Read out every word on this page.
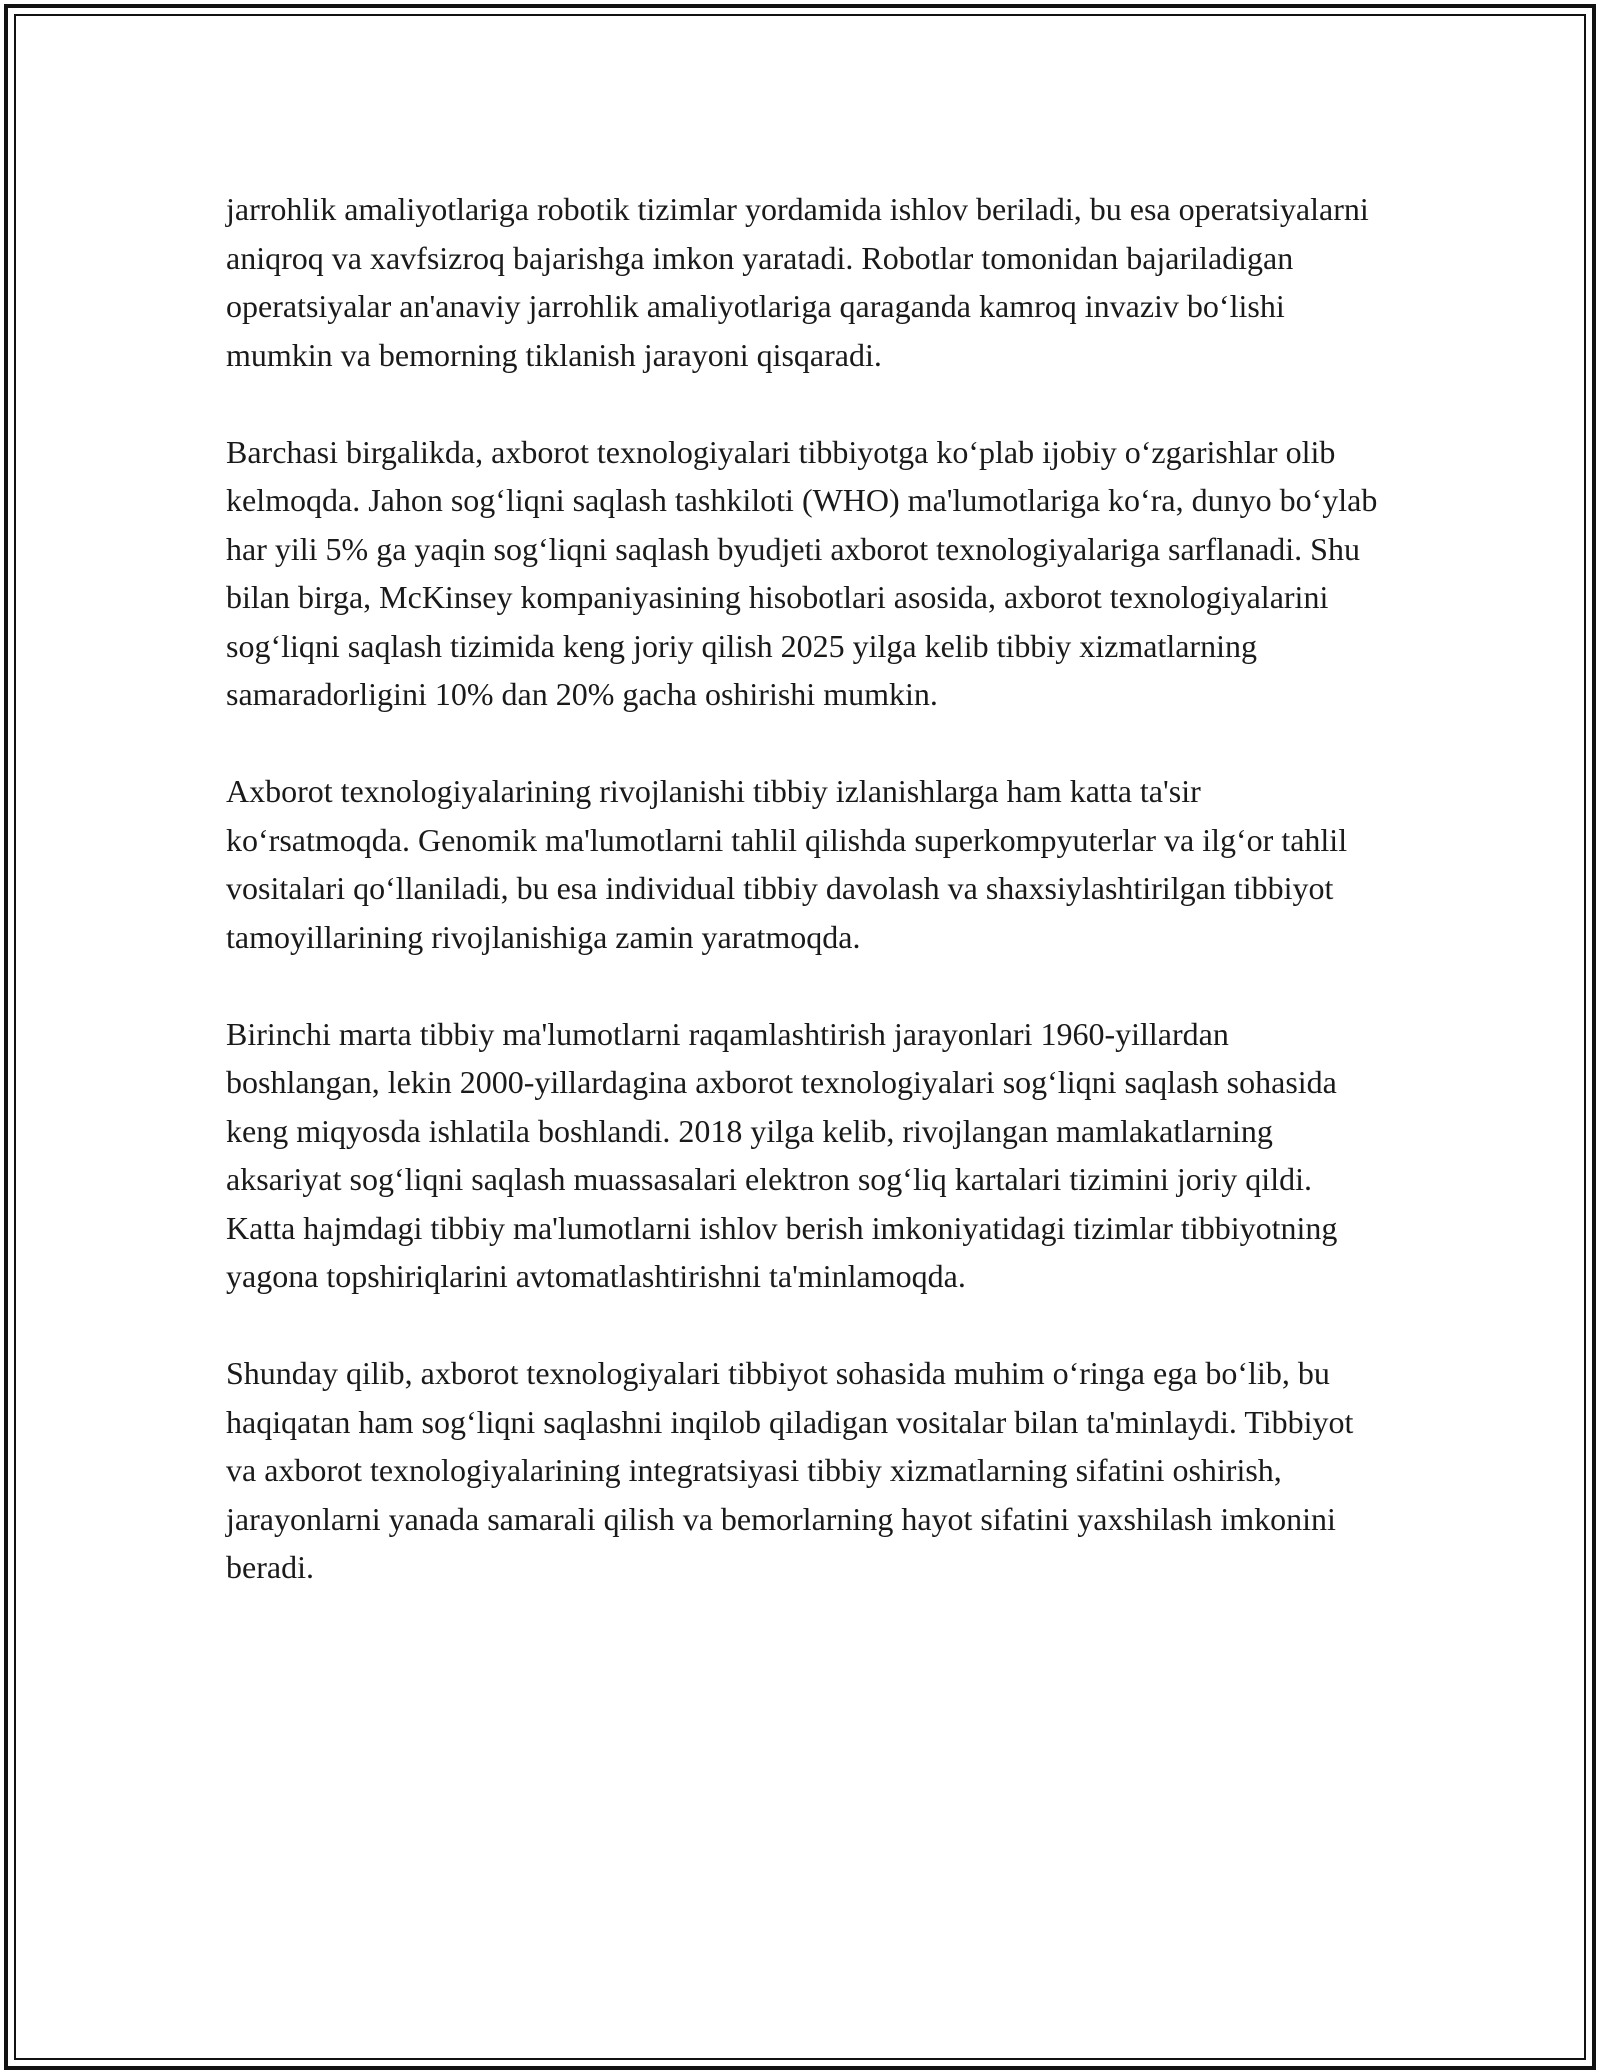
jarrohlik amaliyotlariga robotik tizimlar yordamida ishlov beriladi, bu esa operatsiyalarni aniqroq va xavfsizroq bajarishga imkon yaratadi. Robotlar tomonidan bajariladigan operatsiyalar an'anaviy jarrohlik amaliyotlariga qaraganda kamroq invaziv bo‘lishi mumkin va bemorning tiklanish jarayoni qisqaradi.

Barchasi birgalikda, axborot texnologiyalari tibbiyotga ko‘plab ijobiy o‘zgarishlar olib kelmoqda. Jahon sog‘liqni saqlash tashkiloti (WHO) ma'lumotlariga ko‘ra, dunyo bo‘ylab har yili 5% ga yaqin sog‘liqni saqlash byudjeti axborot texnologiyalariga sarflanadi. Shu bilan birga, McKinsey kompaniyasining hisobotlari asosida, axborot texnologiyalarini sog‘liqni saqlash tizimida keng joriy qilish 2025 yilga kelib tibbiy xizmatlarning samaradorligini 10% dan 20% gacha oshirishi mumkin.

Axborot texnologiyalarining rivojlanishi tibbiy izlanishlarga ham katta ta'sir ko‘rsatmoqda. Genomik ma'lumotlarni tahlil qilishda superkompyuterlar va ilg‘or tahlil vositalari qo‘llaniladi, bu esa individual tibbiy davolash va shaxsiylashtirilgan tibbiyot tamoyillarining rivojlanishiga zamin yaratmoqda.

Birinchi marta tibbiy ma'lumotlarni raqamlashtirish jarayonlari 1960-yillardan boshlangan, lekin 2000-yillardagina axborot texnologiyalari sog‘liqni saqlash sohasida keng miqyosda ishlatila boshlandi. 2018 yilga kelib, rivojlangan mamlakatlarning aksariyat sog‘liqni saqlash muassasalari elektron sog‘liq kartalari tizimini joriy qildi. Katta hajmdagi tibbiy ma'lumotlarni ishlov berish imkoniyatidagi tizimlar tibbiyotning yagona topshiriqlarini avtomatlashtirishni ta'minlamoqda.

Shunday qilib, axborot texnologiyalari tibbiyot sohasida muhim o‘ringa ega bo‘lib, bu haqiqatan ham sog‘liqni saqlashni inqilob qiladigan vositalar bilan ta'minlaydi. Tibbiyot va axborot texnologiyalarining integratsiyasi tibbiy xizmatlarning sifatini oshirish, jarayonlarni yanada samarali qilish va bemorlarning hayot sifatini yaxshilash imkonini beradi.
